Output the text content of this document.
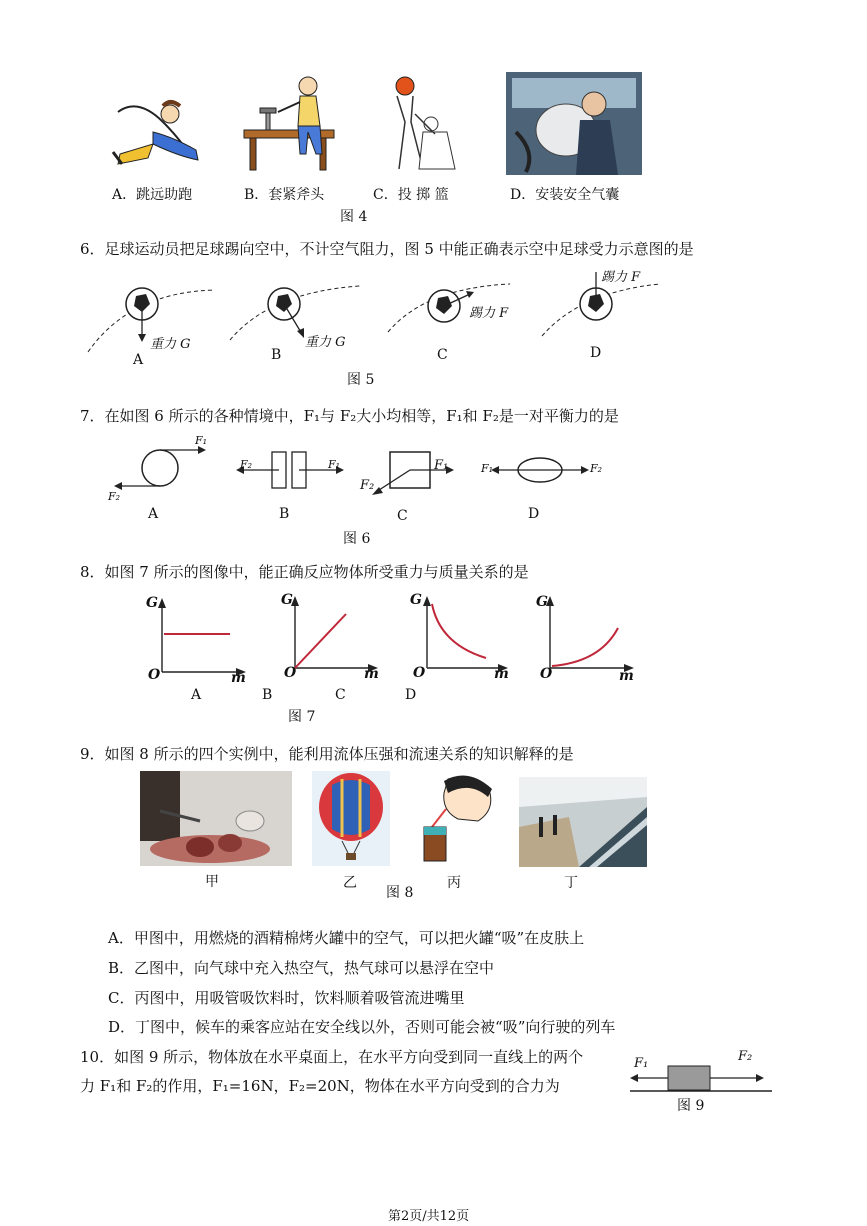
A．跳远助跑	B．套紧斧头	C．投 掷 篮	D．安装安全气囊
图 4
6．足球运动员把足球踢向空中，不计空气阻力，图 5 中能正确表示空中足球受力示意图的是
重力 G	重力 G
踢力 F
踢力 F
A	B	C	D
图 5
7．在如图 6 所示的各种情境中，F₁与 F₂大小均相等，F₁和 F₂是一对平衡力的是
F₁
F₂
F₂	F₁	F₁
F₂
F₁	F₂
A	B	C	D
图 6
8．如图 7 所示的图像中，能正确反应物体所受重力与质量关系的是
G
O	m
G
O	m
G
O	m
G
O	m
A	B	C	D
图 7
9．如图 8 所示的四个实例中，能利用流体压强和流速关系的知识解释的是
甲	乙	丙	丁
图 8
A．甲图中，用燃烧的酒精棉烤火罐中的空气，可以把火罐“吸”在皮肤上
B．乙图中，向气球中充入热空气，热气球可以悬浮在空中
C．丙图中，用吸管吸饮料时，饮料顺着吸管流进嘴里
D．丁图中，候车的乘客应站在安全线以外，否则可能会被“吸”向行驶的列车
10．如图 9 所示，物体放在水平桌面上，在水平方向受到同一直线上的两个
力 F₁和 F₂的作用，F₁=16N，F₂=20N，物体在水平方向受到的合力为
F₁	F₂
图 9
第2页/共12页
